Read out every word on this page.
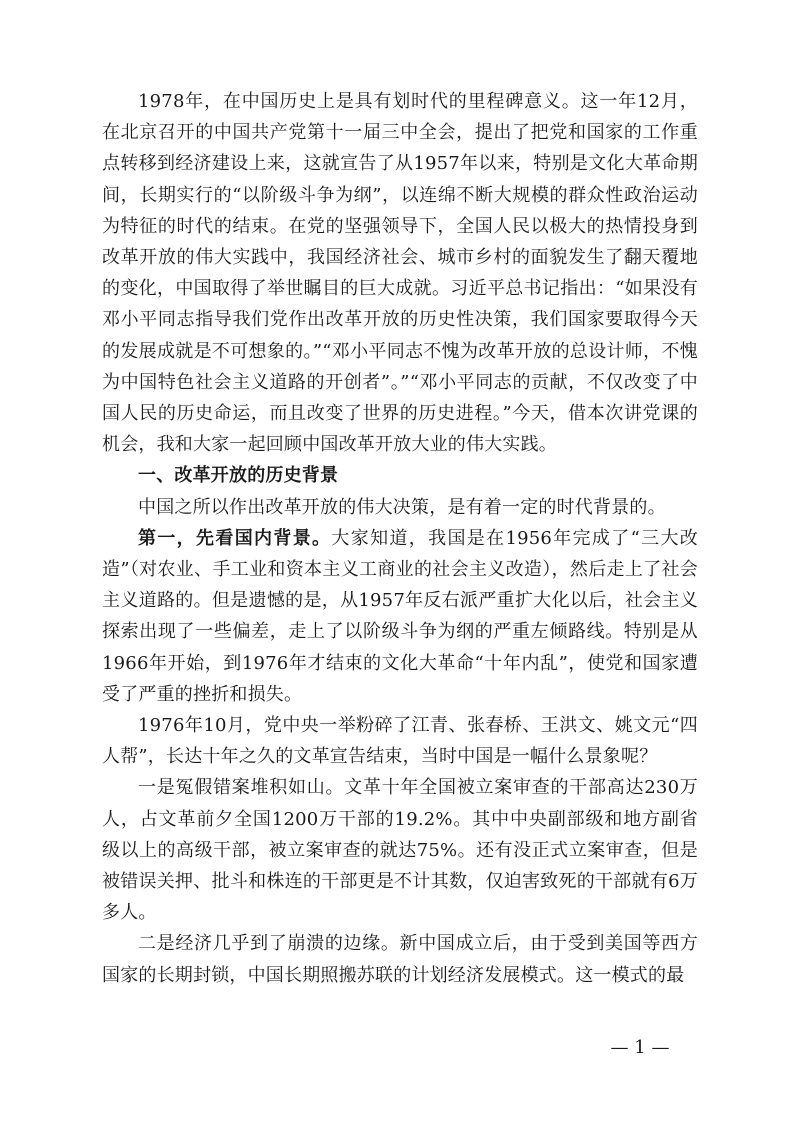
1978年，在中国历史上是具有划时代的里程碑意义。这一年12月，在北京召开的中国共产党第十一届三中全会，提出了把党和国家的工作重点转移到经济建设上来，这就宣告了从1957年以来，特别是文化大革命期间，长期实行的“以阶级斗争为纲”，以连绵不断大规模的群众性政治运动为特征的时代的结束。在党的坚强领导下，全国人民以极大的热情投身到改革开放的伟大实践中，我国经济社会、城市乡村的面貌发生了翻天覆地的变化，中国取得了举世瞩目的巨大成就。习近平总书记指出：“如果没有邓小平同志指导我们党作出改革开放的历史性决策，我们国家要取得今天的发展成就是不可想象的。”“邓小平同志不愧为改革开放的总设计师，不愧为中国特色社会主义道路的开创者”。”“邓小平同志的贡献，不仅改变了中国人民的历史命运，而且改变了世界的历史进程。”今天，借本次讲党课的机会，我和大家一起回顾中国改革开放大业的伟大实践。

一、改革开放的历史背景

中国之所以作出改革开放的伟大决策，是有着一定的时代背景的。

第一，先看国内背景。大家知道，我国是在1956年完成了“三大改造”（对农业、手工业和资本主义工商业的社会主义改造），然后走上了社会主义道路的。但是遗憾的是，从1957年反右派严重扩大化以后，社会主义探索出现了一些偏差，走上了以阶级斗争为纲的严重左倾路线。特别是从1966年开始，到1976年才结束的文化大革命“十年内乱”，使党和国家遭受了严重的挫折和损失。

1976年10月，党中央一举粉碎了江青、张春桥、王洪文、姚文元“四人帮”，长达十年之久的文革宣告结束，当时中国是一幅什么景象呢？

一是冤假错案堆积如山。文革十年全国被立案审查的干部高达230万人，占文革前夕全国1200万干部的19.2%。其中中央副部级和地方副省级以上的高级干部，被立案审查的就达75%。还有没正式立案审查，但是被错误关押、批斗和株连的干部更是不计其数，仅迫害致死的干部就有6万多人。

二是经济几乎到了崩溃的边缘。新中国成立后，由于受到美国等西方国家的长期封锁，中国长期照搬苏联的计划经济发展模式。这一模式的最

— 1 —
